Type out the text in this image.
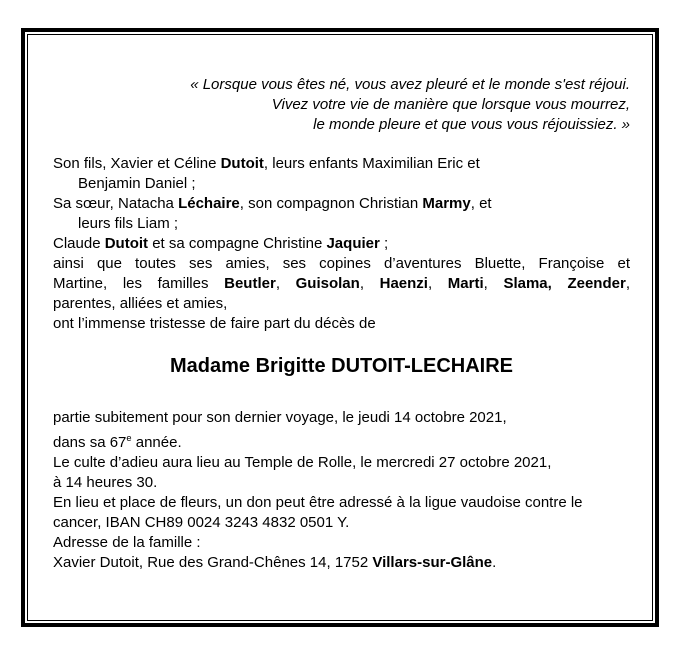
« Lorsque vous êtes né, vous avez pleuré et le monde s'est réjoui.
Vivez votre vie de manière que lorsque vous mourrez,
le monde pleure et que vous vous réjouissiez. »
Son fils, Xavier et Céline Dutoit, leurs enfants Maximilian Eric et
Benjamin Daniel ;
Sa sœur, Natacha Léchaire, son compagnon Christian Marmy, et
leurs fils Liam ;
Claude Dutoit et sa compagne Christine Jaquier ;
ainsi que toutes ses amies, ses copines d’aventures Bluette, Françoise et
Martine, les familles Beutler, Guisolan, Haenzi, Marti, Slama, Zeender,
parentes, alliées et amies,
ont l’immense tristesse de faire part du décès de
Madame Brigitte DUTOIT-LECHAIRE
partie subitement pour son dernier voyage, le jeudi 14 octobre 2021,
dans sa 67e année.
Le culte d’adieu aura lieu au Temple de Rolle, le mercredi 27 octobre 2021,
à 14 heures 30.
En lieu et place de fleurs, un don peut être adressé à la ligue vaudoise contre le
cancer, IBAN CH89 0024 3243 4832 0501 Y.
Adresse de la famille :
Xavier Dutoit, Rue des Grand-Chênes 14, 1752 Villars-sur-Glâne.
